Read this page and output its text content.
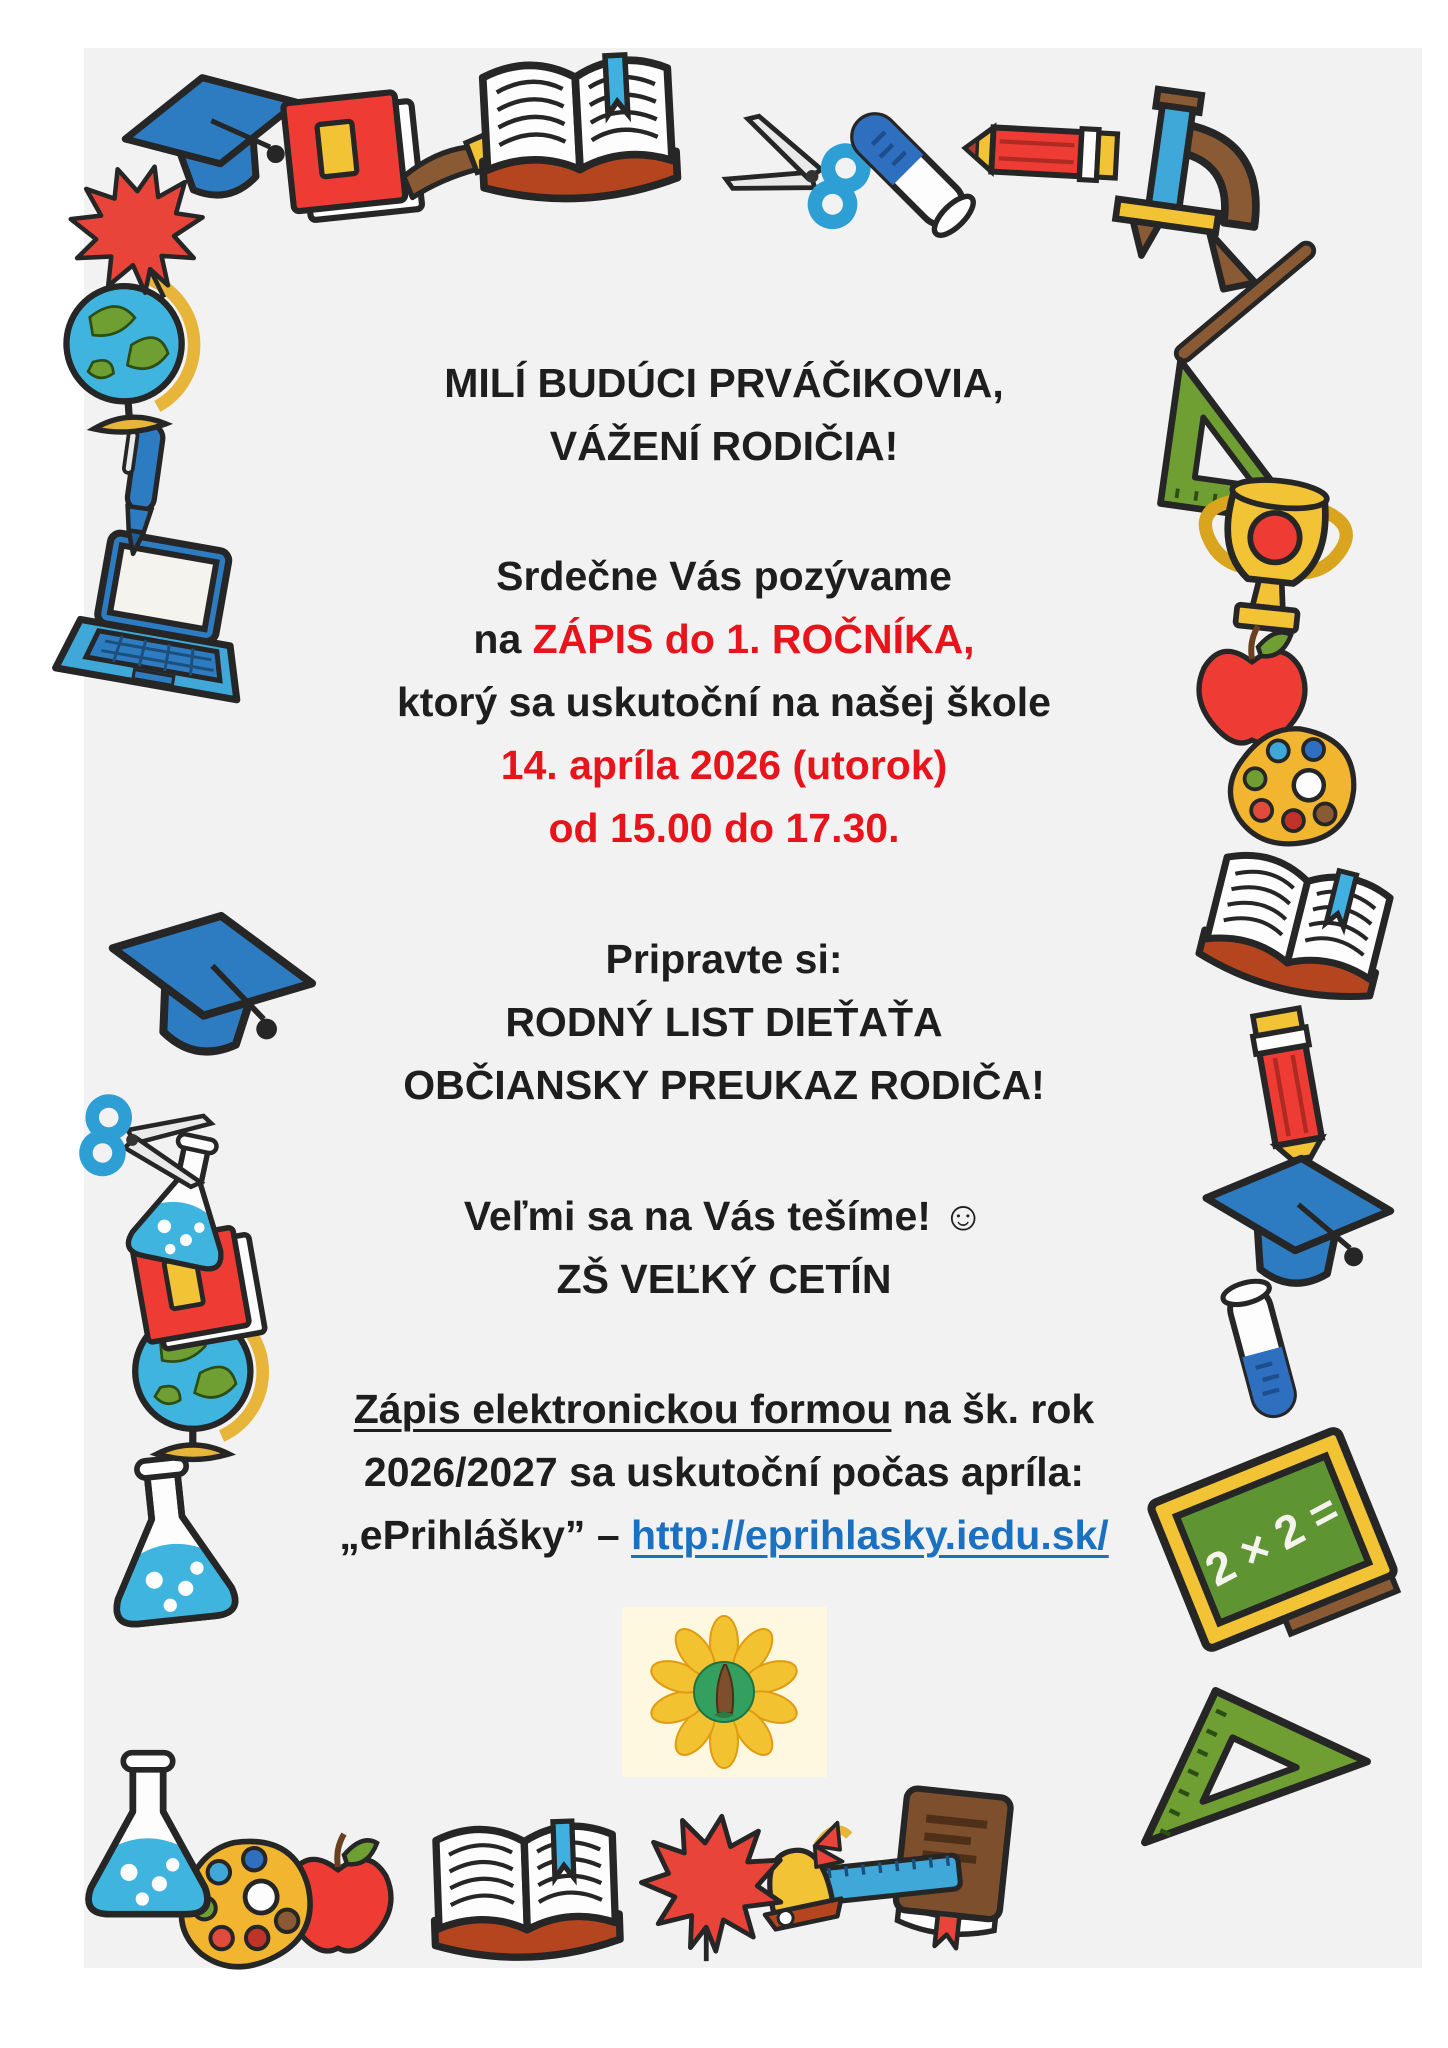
2 × 2 =
MILÍ BUDÚCI PRVÁČIKOVIA,
VÁŽENÍ RODIČIA!
Srdečne Vás pozývame
na ZÁPIS do 1. ROČNÍKA,
ktorý sa uskutoční na našej škole
14. apríla 2026 (utorok)
od 15.00 do 17.30.
Pripravte si:
RODNÝ LIST DIEŤAŤA
OBČIANSKY PREUKAZ RODIČA!
Veľmi sa na Vás tešíme! ☺
ZŠ VEĽKÝ CETÍN
Zápis elektronickou formou na šk. rok
2026/2027 sa uskutoční počas apríla:
„ePrihlášky” – http://eprihlasky.iedu.sk/
